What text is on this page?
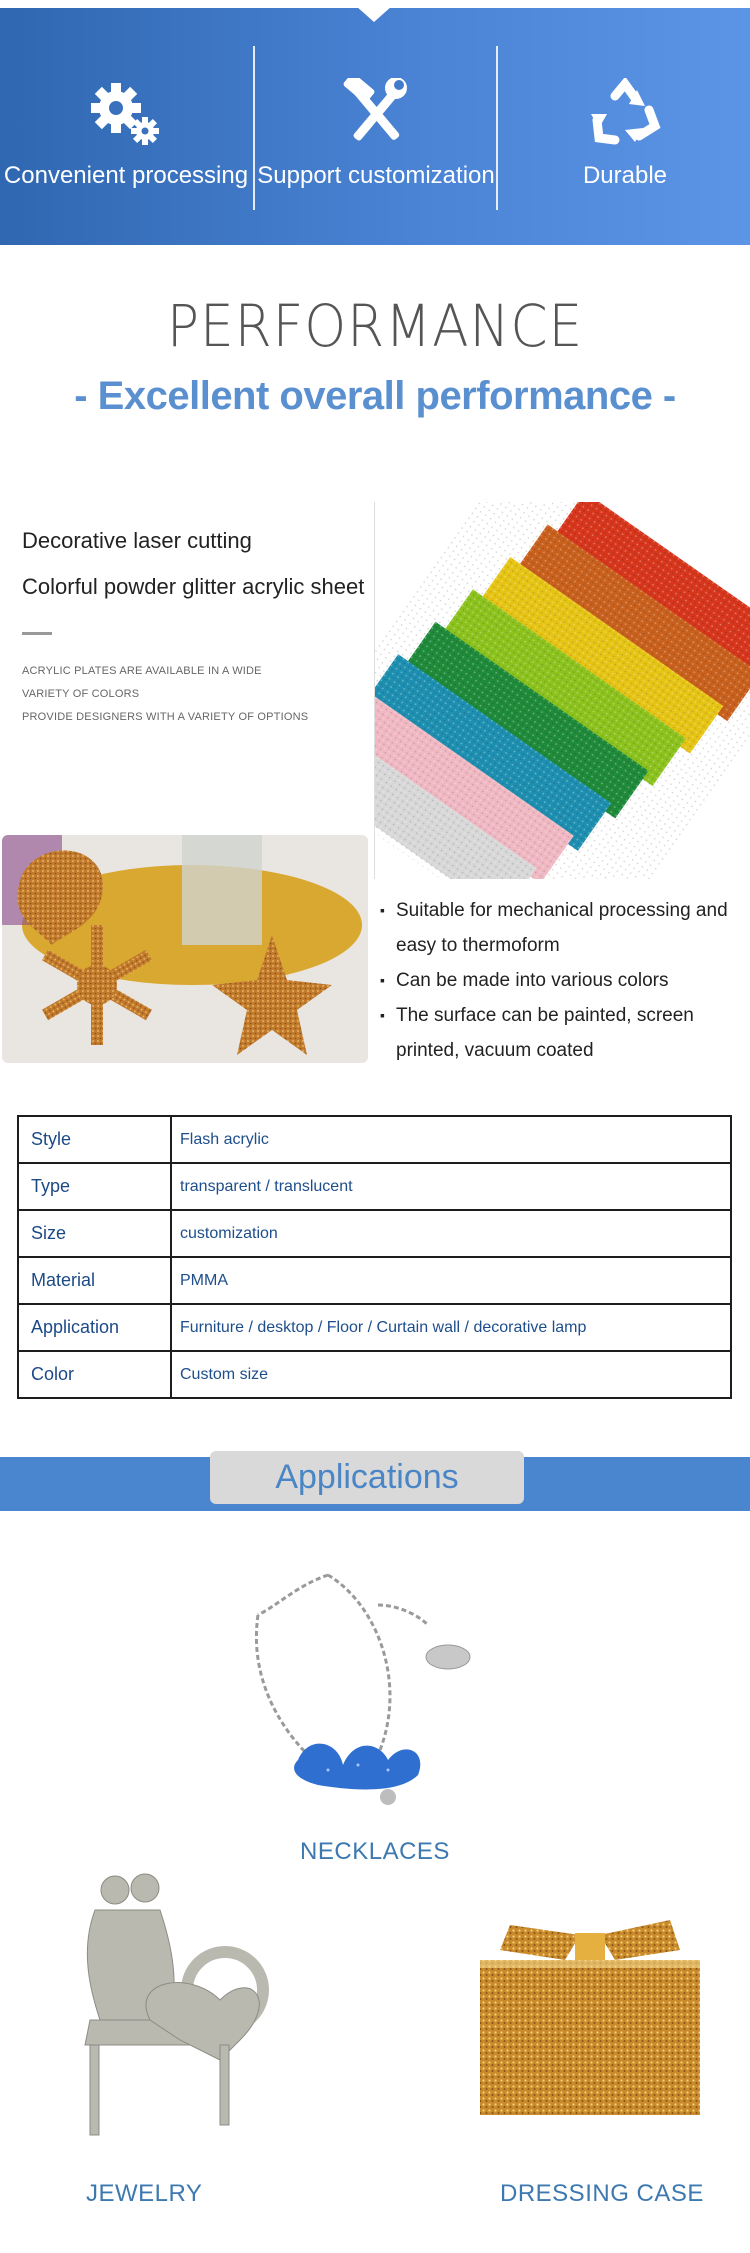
Convenient processing Support customization	Durable
PERFORMANCE
- Excellent overall performance -
Decorative laser cutting
Colorful powder glitter acrylic sheet
ACRYLIC PLATES ARE AVAILABLE IN A WIDE
VARIETY OF COLORS
PROVIDE DESIGNERS WITH A VARIETY OF OPTIONS
▪ Suitable for mechanical processing and easy to thermoform
▪ Can be made into various colors
▪ The surface can be painted, screen printed, vacuum coated
Style	Flash acrylic
Type	transparent / translucent
Size	customization
Material	PMMA
Application	Furniture / desktop / Floor / Curtain wall / decorative lamp
Color	Custom size
Applications
NECKLACES
JEWELRY	DRESSING CASE
